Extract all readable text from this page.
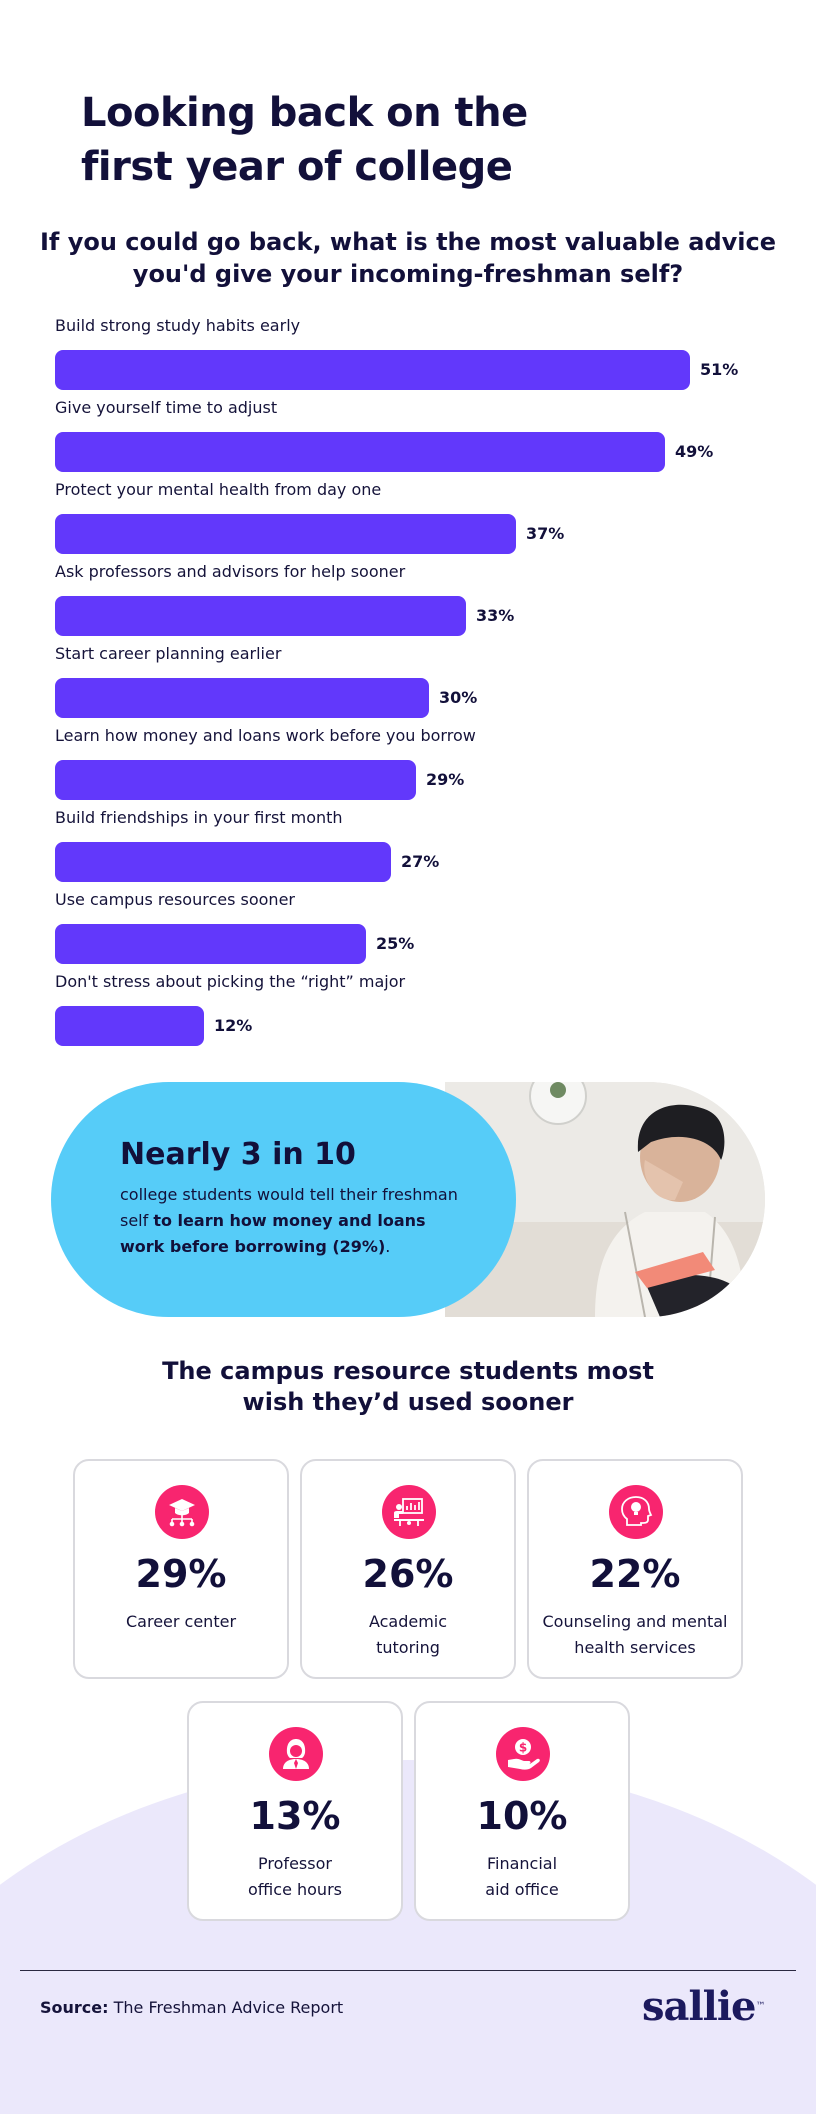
Looking back on the
first year of college
If you could go back, what is the most valuable advice
you'd give your incoming-freshman self?
Build strong study habits early
51%
Give yourself time to adjust
49%
Protect your mental health from day one
37%
Ask professors and advisors for help sooner
33%
Start career planning earlier
30%
Learn how money and loans work before you borrow
29%
Build friendships in your first month
27%
Use campus resources sooner
25%
Don't stress about picking the “right” major
12%
Nearly 3 in 10
college students would tell their freshman self to learn how money and loans work before borrowing (29%).
The campus resource students most
wish they’d used sooner
29%
Career center
26%
Academic
tutoring
22%
Counseling and mental
health services
13%
Professor
office hours
$
10%
Financial
aid office
Source: The Freshman Advice Report	sallie™
